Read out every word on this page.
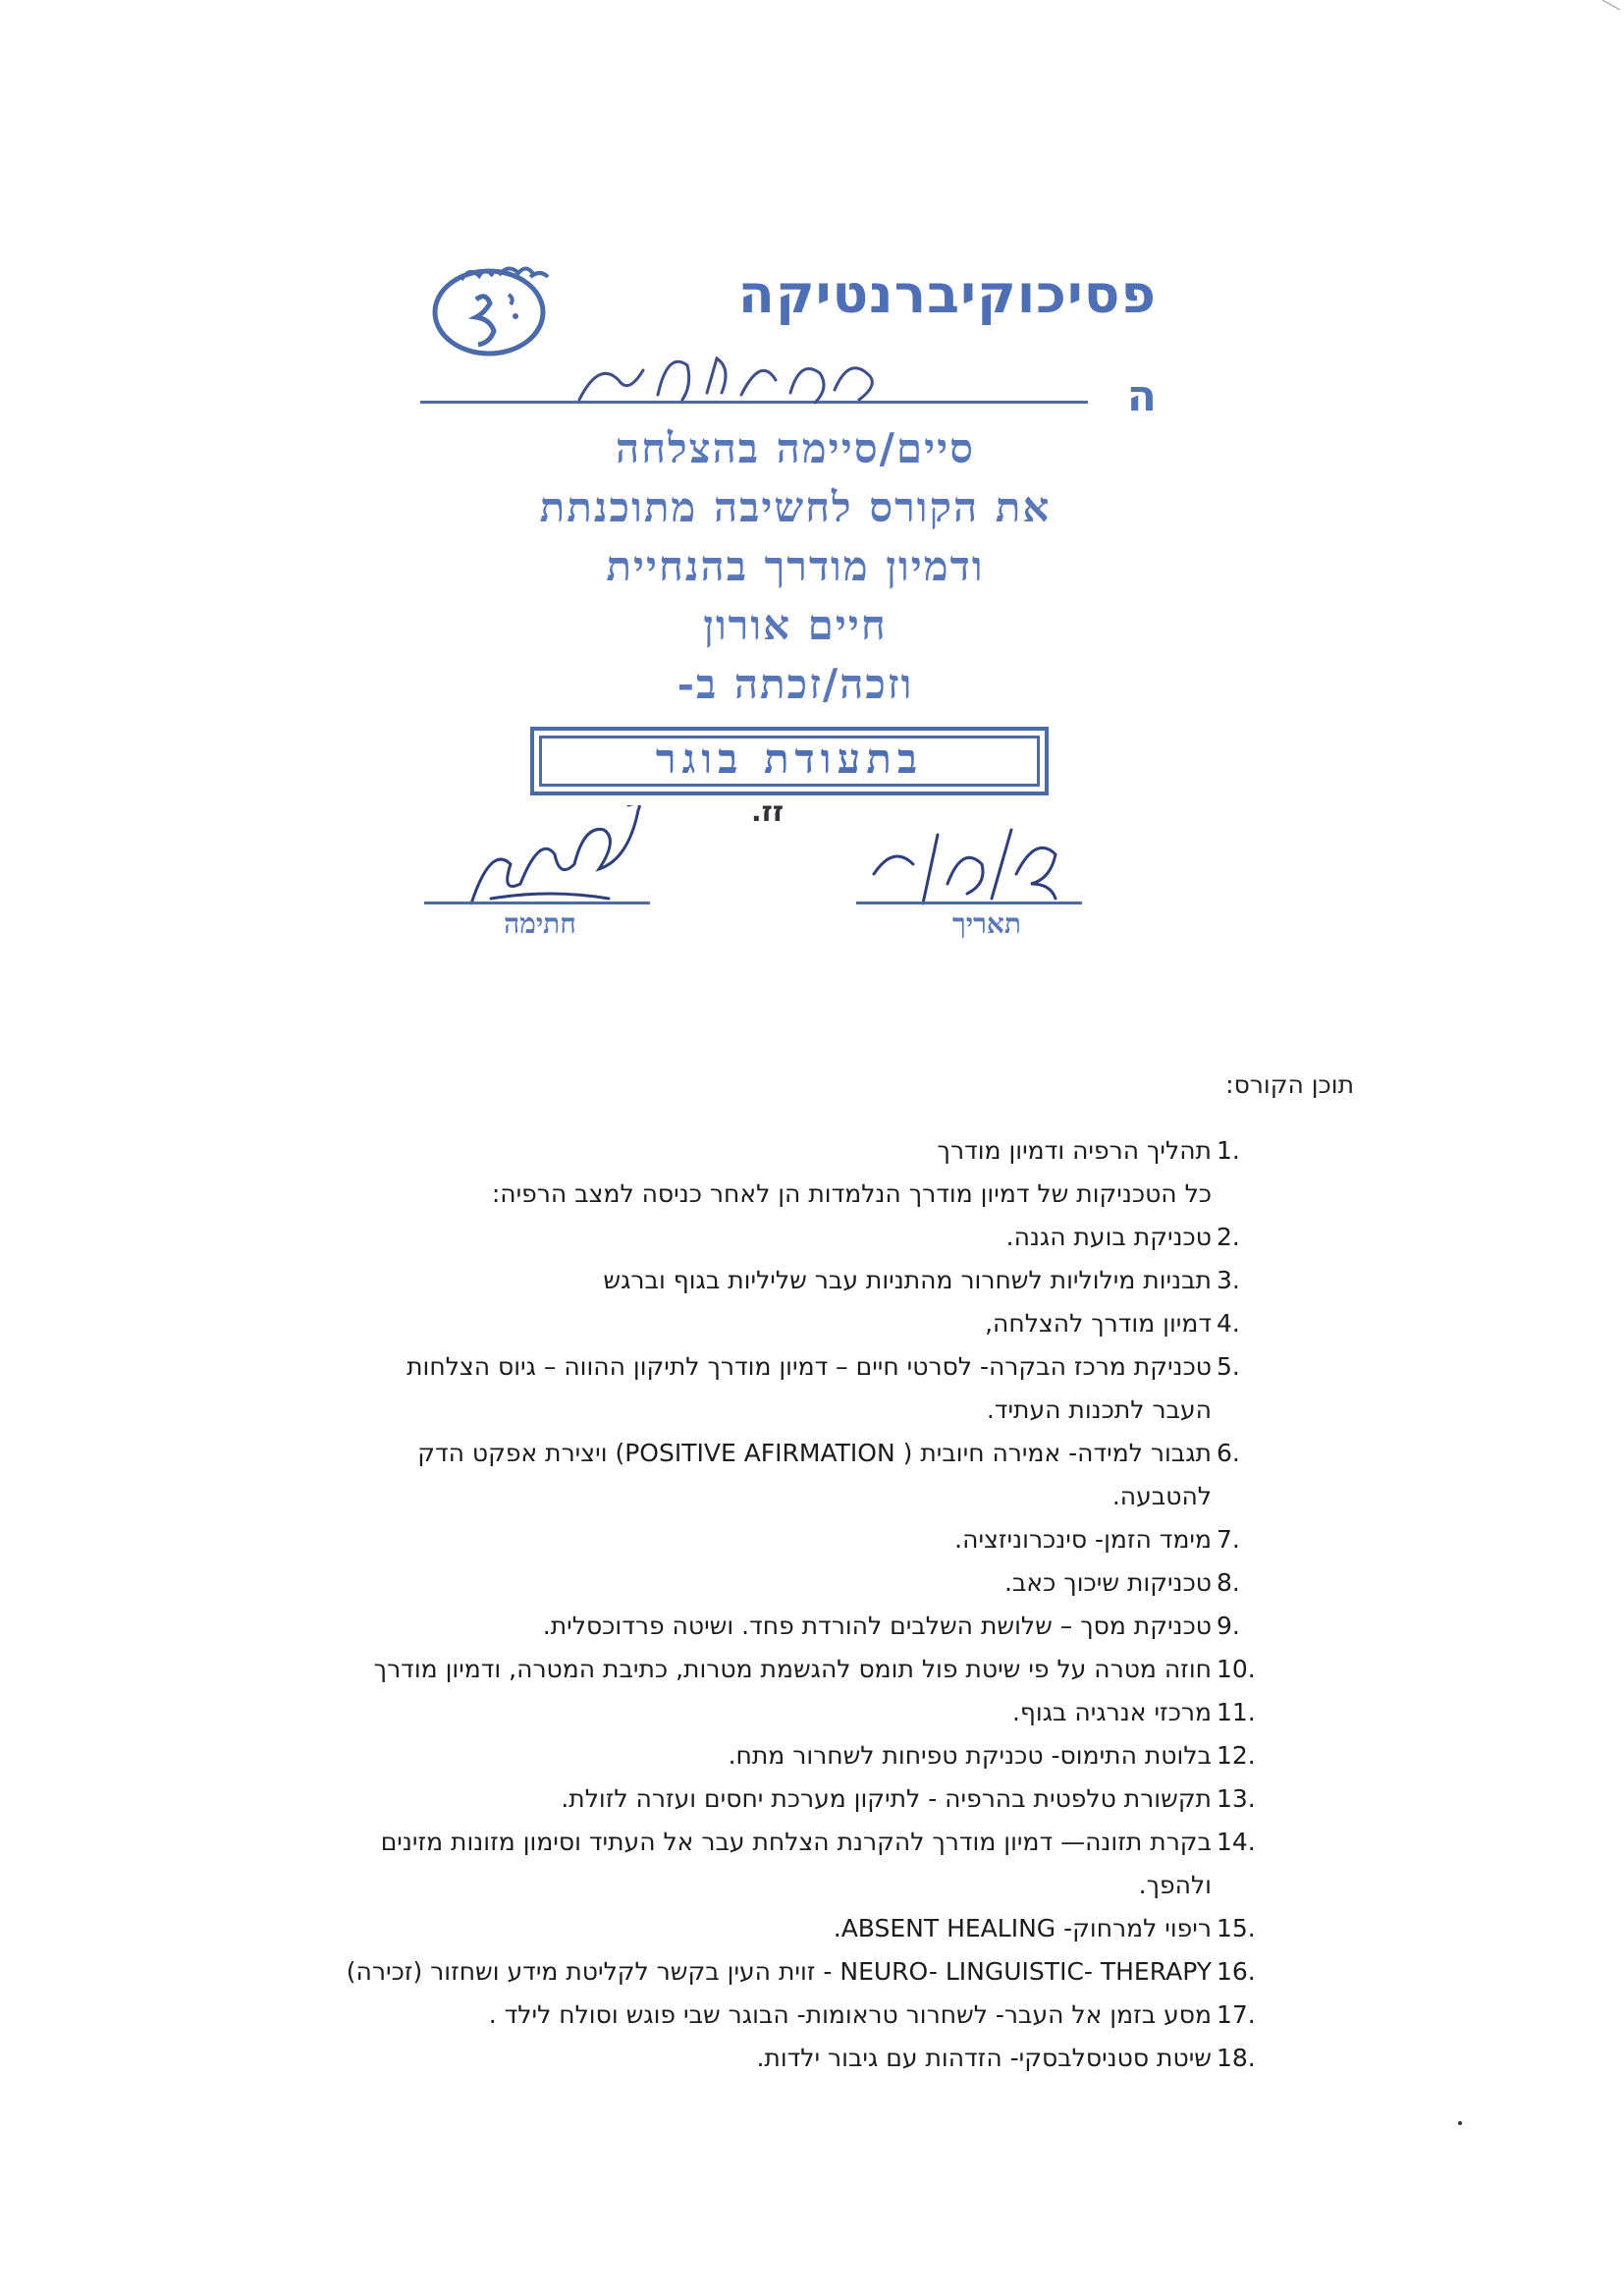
פסיכוקיברנטיקה
ה
סיים/סיימה בהצלחה
את הקורס לחשיבה מתוכנתת
ודמיון מודרך בהנחיית
חיים אורון
וזכה/זכתה ב-
בתעודת בוגר
זז.
חתימה	תאריך
תוכן הקורס:
1.
תהליך הרפיה ודמיון מודרך
כל הטכניקות של דמיון מודרך הנלמדות הן לאחר כניסה למצב הרפיה:
2.
טכניקת בועת הגנה.
3.
תבניות מילוליות לשחרור מהתניות עבר שליליות בגוף וברגש
4.
דמיון מודרך להצלחה,
5.
טכניקת מרכז הבקרה- לסרטי חיים – דמיון מודרך לתיקון ההווה – גיוס הצלחות
העבר לתכנות העתיד.
6.
תגבור למידה- אמירה חיובית ( POSITIVE AFIRMATION) ויצירת אפקט הדק
להטבעה.
7.
מימד הזמן- סינכרוניזציה.
8.
טכניקות שיכוך כאב.
9.
טכניקת מסך – שלושת השלבים להורדת פחד. ושיטה פרדוכסלית.
10.
חוזה מטרה על פי שיטת פול תומס להגשמת מטרות, כתיבת המטרה, ודמיון מודרך
11.
מרכזי אנרגיה בגוף.
12.
בלוטת התימוס- טכניקת טפיחות לשחרור מתח.
13.
תקשורת טלפטית בהרפיה - לתיקון מערכת יחסים ועזרה לזולת.
14.
בקרת תזונה— דמיון מודרך להקרנת הצלחת עבר אל העתיד וסימון מזונות מזינים
ולהפך.
15.
ריפוי למרחוק- ABSENT HEALING.
16.
NEURO- LINGUISTIC- THERAPY - זוית העין בקשר לקליטת מידע ושחזור (זכירה)
17.
מסע בזמן אל העבר- לשחרור טראומות- הבוגר שבי פוגש וסולח לילד .
18.
שיטת סטניסלבסקי- הזדהות עם גיבור ילדות.
